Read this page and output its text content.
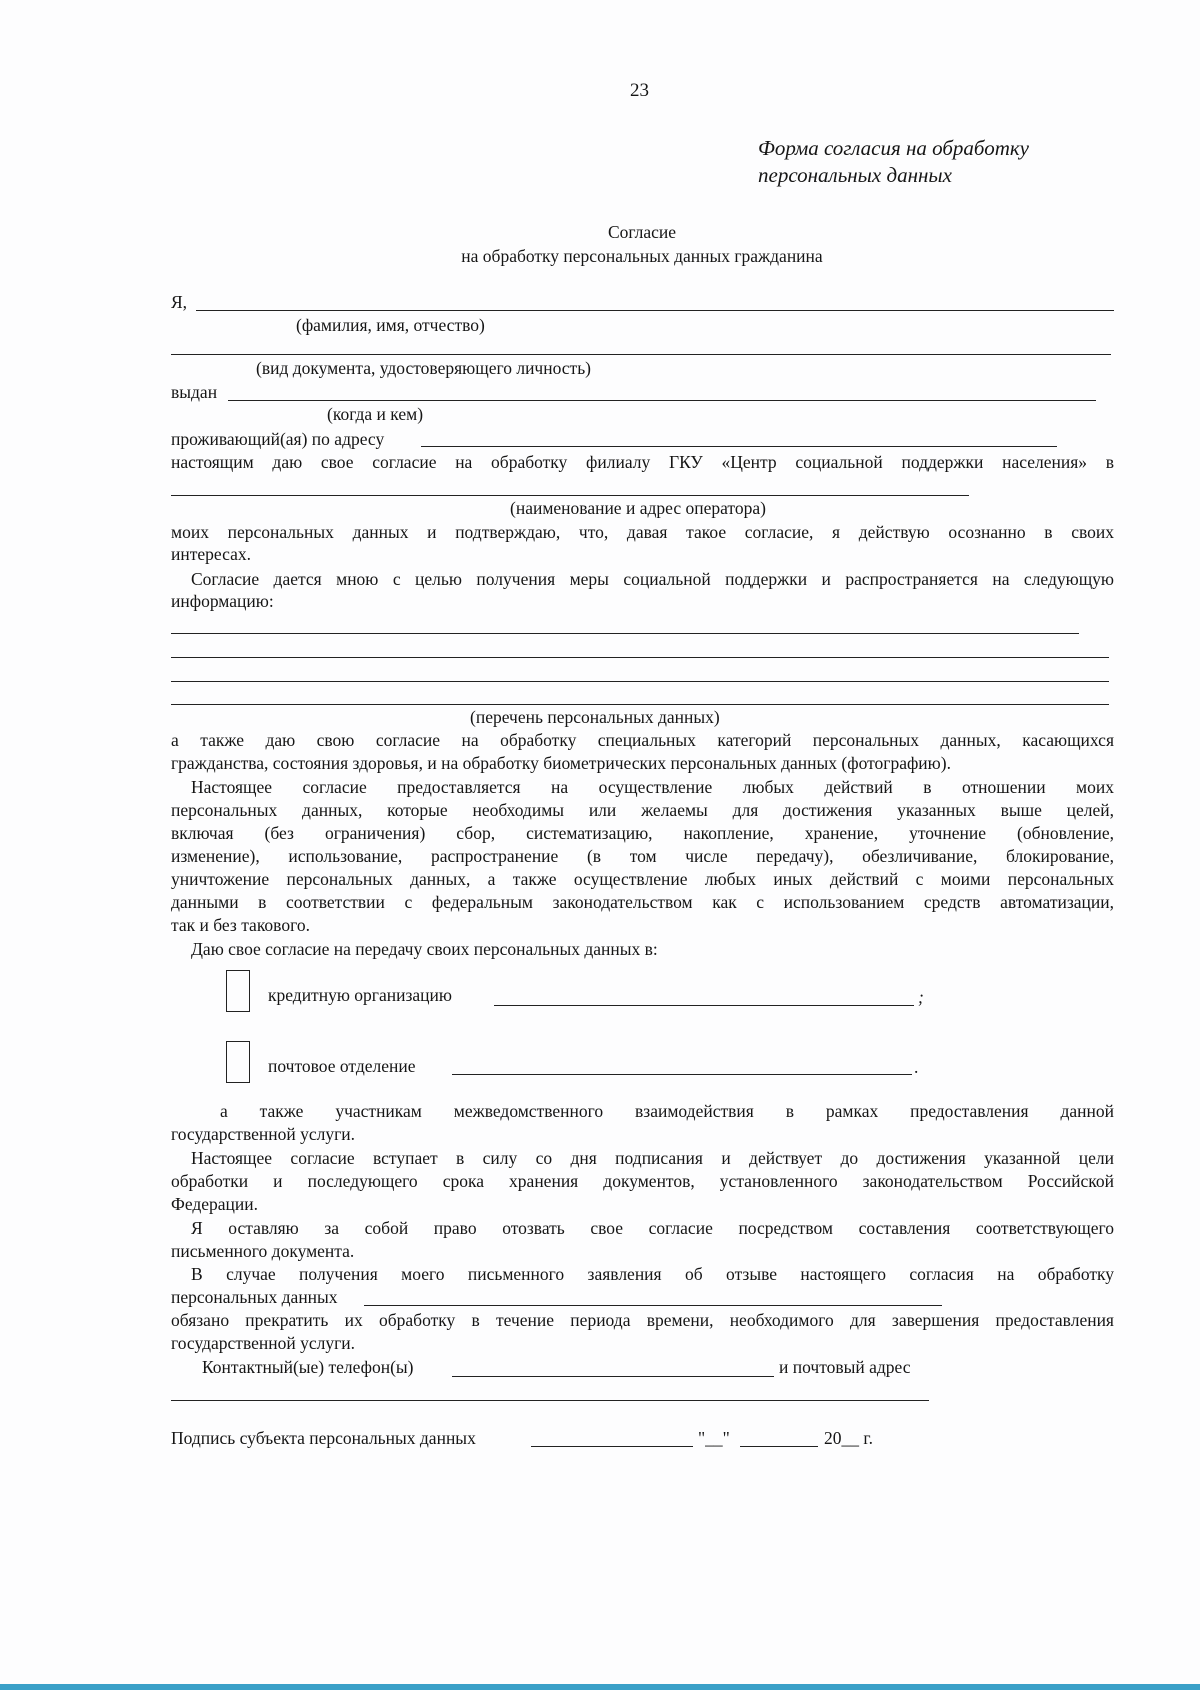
23
Форма согласия на обработку
персональных данных
Согласие
на обработку персональных данных гражданина
Я,
(фамилия, имя, отчество)
(вид документа, удостоверяющего личность)
выдан
(когда и кем)
проживающий(ая) по адресу
настоящим даю свое согласие на обработку филиалу ГКУ «Центр социальной поддержки населения» в
(наименование и адрес оператора)
моих персональных данных и подтверждаю, что, давая такое согласие, я действую осознанно в своих
интересах.
Согласие дается мною с целью получения меры социальной поддержки и распространяется на следующую
информацию:
(перечень персональных данных)
а также даю свою согласие на обработку специальных категорий персональных данных, касающихся
гражданства, состояния здоровья, и на обработку биометрических персональных данных (фотографию).
Настоящее согласие предоставляется на осуществление любых действий в отношении моих
персональных данных, которые необходимы или желаемы для достижения указанных выше целей,
включая (без ограничения) сбор, систематизацию, накопление, хранение, уточнение (обновление,
изменение), использование, распространение (в том числе передачу), обезличивание, блокирование,
уничтожение персональных данных, а также осуществление любых иных действий с моими персональных
данными в соответствии с федеральным законодательством как с использованием средств автоматизации,
так и без такового.
Даю свое согласие на передачу своих персональных данных в:
кредитную организацию	;
почтовое отделение	.
а также участникам межведомственного взаимодействия в рамках предоставления данной
государственной услуги.
Настоящее согласие вступает в силу со дня подписания и действует до достижения указанной цели
обработки и последующего срока хранения документов, установленного законодательством Российской
Федерации.
Я оставляю за собой право отозвать свое согласие посредством составления соответствующего
письменного документа.
В случае получения моего письменного заявления об отзыве настоящего согласия на обработку
персональных данных
обязано прекратить их обработку в течение периода времени, необходимого для завершения предоставления
государственной услуги.
Контактный(ые) телефон(ы)	и почтовый адрес
Подпись субъекта персональных данных	"__"	20__ г.
